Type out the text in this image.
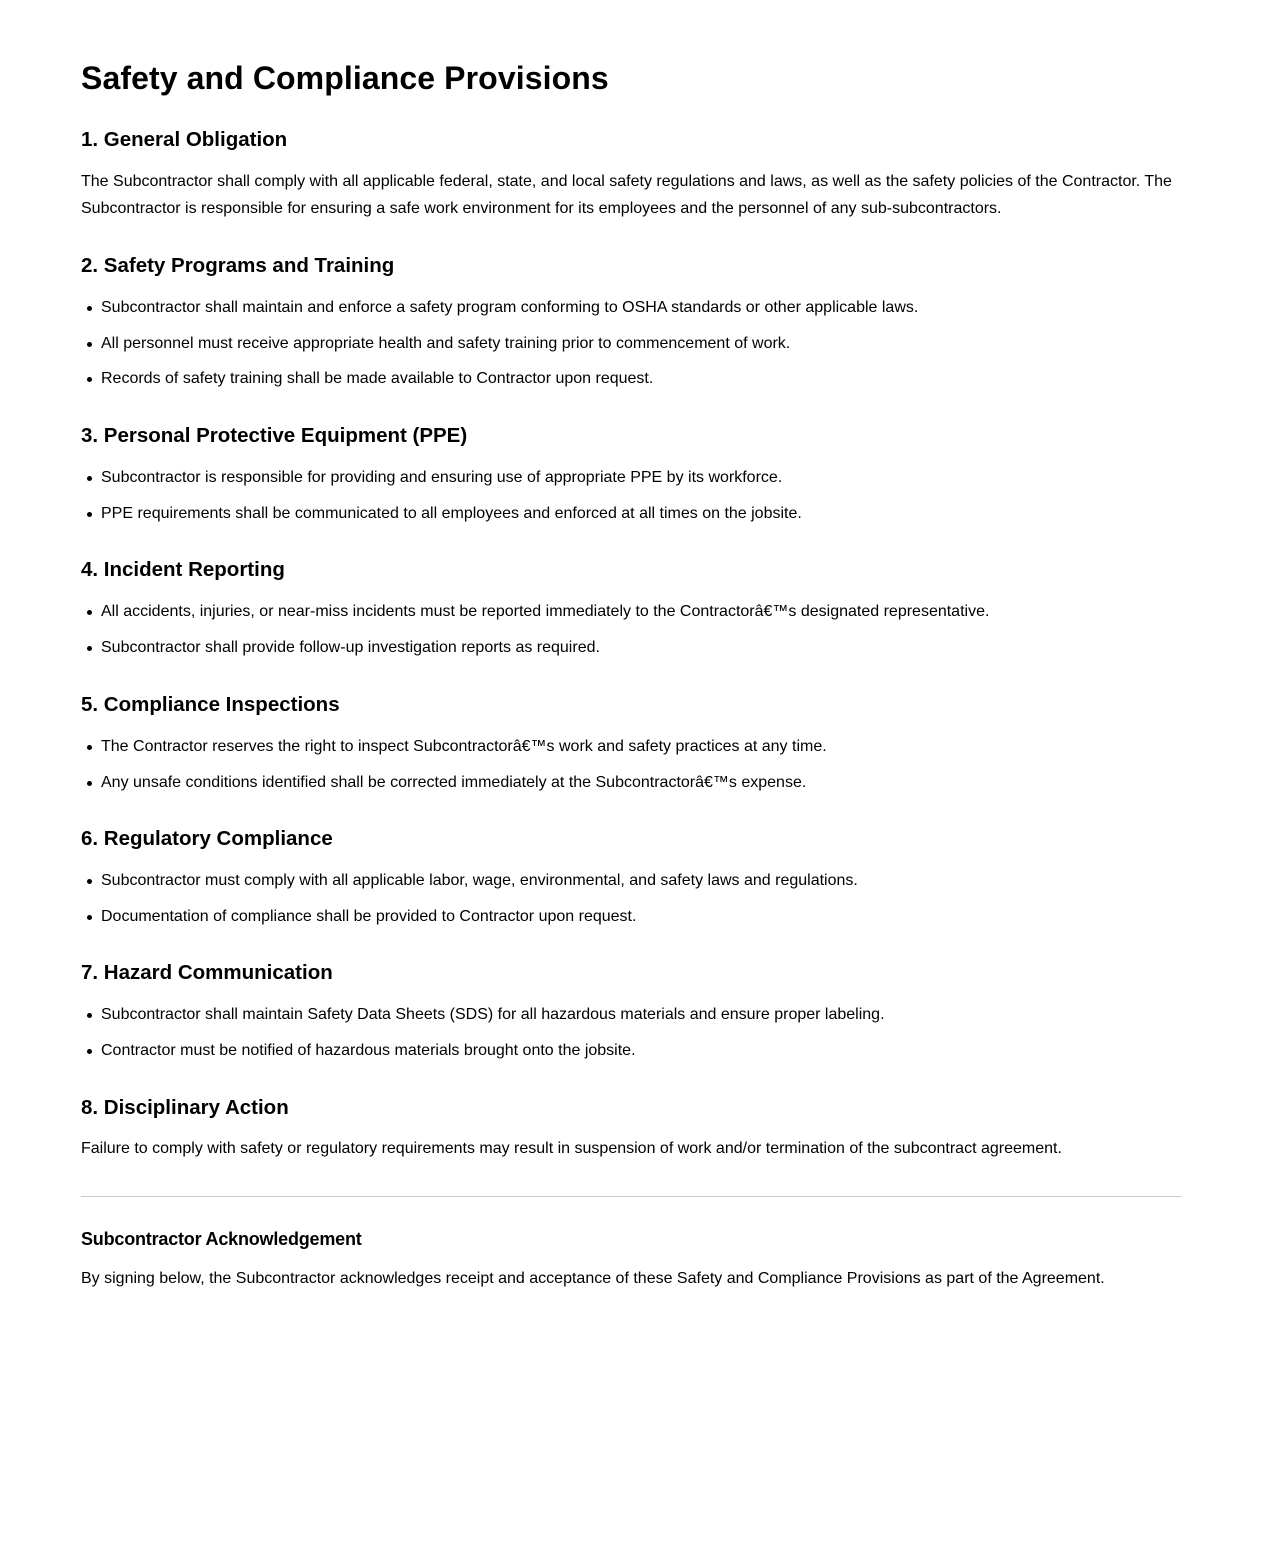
Safety and Compliance Provisions
1. General Obligation

The Subcontractor shall comply with all applicable federal, state, and local safety regulations and laws, as well as the safety policies of the Contractor. The Subcontractor is responsible for ensuring a safe work environment for its employees and the personnel of any sub-subcontractors.

2. Safety Programs and Training
Subcontractor shall maintain and enforce a safety program conforming to OSHA standards or other applicable laws.
All personnel must receive appropriate health and safety training prior to commencement of work.
Records of safety training shall be made available to Contractor upon request.
3. Personal Protective Equipment (PPE)
Subcontractor is responsible for providing and ensuring use of appropriate PPE by its workforce.
PPE requirements shall be communicated to all employees and enforced at all times on the jobsite.
4. Incident Reporting
All accidents, injuries, or near-miss incidents must be reported immediately to the Contractorâ€™s designated representative.
Subcontractor shall provide follow-up investigation reports as required.
5. Compliance Inspections
The Contractor reserves the right to inspect Subcontractorâ€™s work and safety practices at any time.
Any unsafe conditions identified shall be corrected immediately at the Subcontractorâ€™s expense.
6. Regulatory Compliance
Subcontractor must comply with all applicable labor, wage, environmental, and safety laws and regulations.
Documentation of compliance shall be provided to Contractor upon request.
7. Hazard Communication
Subcontractor shall maintain Safety Data Sheets (SDS) for all hazardous materials and ensure proper labeling.
Contractor must be notified of hazardous materials brought onto the jobsite.
8. Disciplinary Action

Failure to comply with safety or regulatory requirements may result in suspension of work and/or termination of the subcontract agreement.

Subcontractor Acknowledgement

By signing below, the Subcontractor acknowledges receipt and acceptance of these Safety and Compliance Provisions as part of the Agreement.
